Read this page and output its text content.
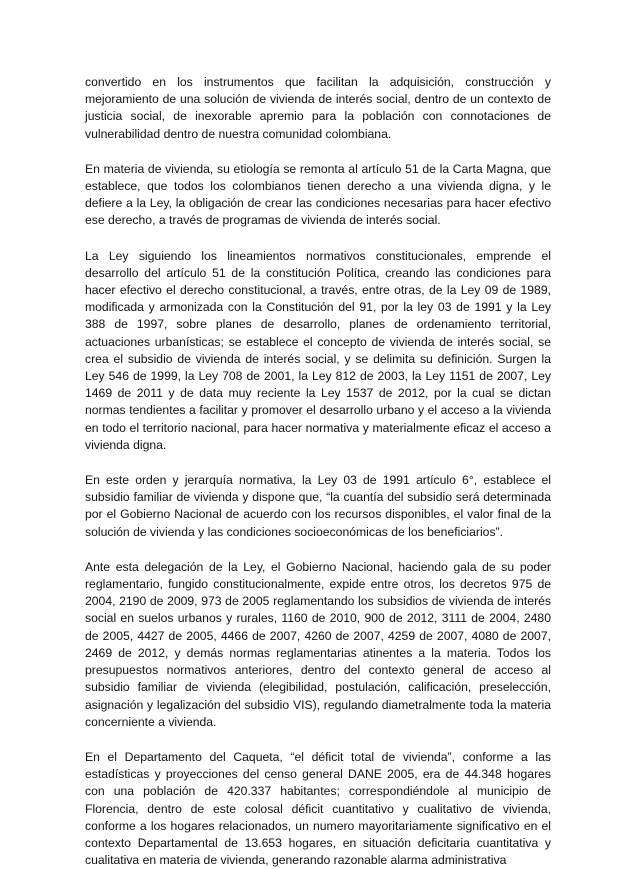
convertido en los instrumentos que facilitan la adquisición, construcción y mejoramiento de una solución de vivienda de interés social, dentro de un contexto de justicia social, de inexorable apremio para la población con connotaciones de vulnerabilidad dentro de nuestra comunidad colombiana.

En materia de vivienda, su etiología se remonta al artículo 51 de la Carta Magna, que establece, que todos los colombianos tienen derecho a una vivienda digna, y le defiere a la Ley, la obligación de crear las condiciones necesarias para hacer efectivo ese derecho, a través de programas de vivienda de interés social.

La Ley siguiendo los lineamientos normativos constitucionales, emprende el desarrollo del artículo 51 de la constitución Política, creando las condiciones para hacer efectivo el derecho constitucional, a través, entre otras, de la Ley 09 de 1989, modificada y armonizada con la Constitución del 91, por la ley 03 de 1991 y la Ley 388 de 1997, sobre planes de desarrollo, planes de ordenamiento territorial, actuaciones urbanísticas; se establece el concepto de vivienda de interés social, se crea el subsidio de vivienda de interés social, y se delimita su definición. Surgen la Ley 546 de 1999, la Ley 708 de 2001, la Ley 812 de 2003, la Ley 1151 de 2007, Ley 1469 de 2011 y de data muy reciente la Ley 1537 de 2012, por la cual se dictan normas tendientes a facilitar y promover el desarrollo urbano y el acceso a la vivienda en todo el territorio nacional, para hacer normativa y materialmente eficaz el acceso a vivienda digna.

En este orden y jerarquía normativa, la Ley 03 de 1991 artículo 6°, establece el subsidio familiar de vivienda y dispone que, “la cuantía del subsidio será determinada por el Gobierno Nacional de acuerdo con los recursos disponibles, el valor final de la solución de vivienda y las condiciones socioeconómicas de los beneficiarios”.

Ante esta delegación de la Ley, el Gobierno Nacional, haciendo gala de su poder reglamentario, fungido constitucionalmente, expide entre otros, los decretos 975 de 2004, 2190 de 2009, 973 de 2005 reglamentando los subsidios de vivienda de interés social en suelos urbanos y rurales, 1160 de 2010, 900 de 2012, 3111 de 2004, 2480 de 2005, 4427 de 2005, 4466 de 2007, 4260 de 2007, 4259 de 2007, 4080 de 2007, 2469 de 2012, y demás normas reglamentarias atinentes a la materia. Todos los presupuestos normativos anteriores, dentro del contexto general de acceso al subsidio familiar de vivienda (elegibilidad, postulación, calificación, preselección, asignación y legalización del subsidio VIS), regulando diametralmente toda la materia concerniente a vivienda.

En el Departamento del Caqueta, “el déficit total de vivienda”, conforme a las estadísticas y proyecciones del censo general DANE 2005, era de 44.348 hogares con una población de 420.337 habitantes; correspondiéndole al municipio de Florencia, dentro de este colosal déficit cuantitativo y cualitativo de vivienda, conforme a los hogares relacionados, un numero mayoritariamente significativo en el contexto Departamental de 13.653 hogares, en situación deficitaria cuantitativa y cualitativa en materia de vivienda, generando razonable alarma administrativa
